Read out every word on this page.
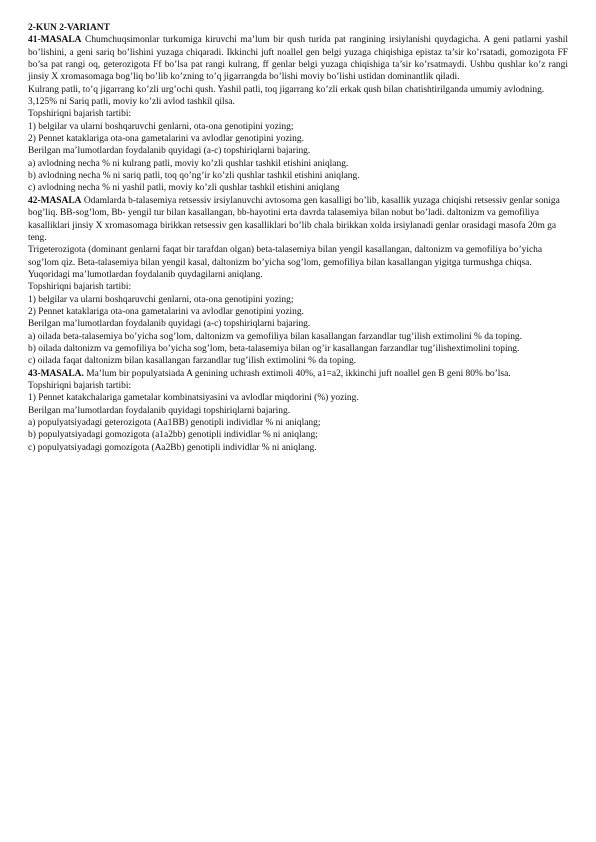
2-KUN 2-VARIANT

41-MASALA Chumchuqsimonlar turkumiga kiruvchi ma’lum bir qush turida pat rangining irsiylanishi quydagicha. A geni patlarni yashil bo’lishini, a geni sariq bo’lishini yuzaga chiqaradi. Ikkinchi juft noallel gen belgi yuzaga chiqishiga epistaz ta’sir ko’rsatadi, gomozigota FF bo’sa pat rangi oq, geterozigota Ff bo’lsa pat rangi kulrang, ff genlar belgi yuzaga chiqishiga ta’sir ko’rsatmaydi. Ushbu qushlar ko’z rangi jinsiy X xromasomaga bog’liq bo’lib ko’zning to’q jigarrangda bo’lishi moviy bo’lishi ustidan dominantlik qiladi.

Kulrang patli, to’q jigarrang ko’zli urg’ochi qush. Yashil patli, toq jigarrang ko’zli erkak qush bilan chatishtirilganda umumiy avlodning. 3,125% ni Sariq patli, moviy ko’zli avlod tashkil qilsa.

Topshiriqni bajarish tartibi:

1) belgilar va ularni boshqaruvchi genlarni, ota-ona genotipini yozing;

2) Pennet kataklariga ota-ona gametalarini va avlodlar genotipini yozing.

Berilgan ma’lumotlardan foydalanib quyidagi (a-c) topshiriqlarni bajaring.

a) avlodning necha % ni kulrang patli, moviy ko’zli qushlar tashkil etishini aniqlang.

b) avlodning necha % ni sariq patli, toq qo’ng’ir ko’zli qushlar tashkil etishini aniqlang.

c) avlodning necha % ni yashil patli, moviy ko’zli qushlar tashkil etishini aniqlang

42-MASALA Odamlarda b-talasemiya retsessiv irsiylanuvchi avtosoma gen kasalligi bo’lib, kasallik yuzaga chiqishi retsessiv genlar soniga bog’liq. BB-sog’lom, Bb- yengil tur bilan kasallangan, bb-hayotini erta davrda talasemiya bilan nobut bo’ladi. daltonizm va gemofiliya kasalliklari jinsiy X xromasomaga birikkan retsessiv gen kasalliklari bo’lib chala birikkan xolda irsiylanadi genlar orasidagi masofa 20m ga teng.

Trigeterozigota (dominant genlarni faqat bir tarafdan olgan) beta-talasemiya bilan yengil kasallangan, daltonizm va gemofiliya bo’yicha sog’lom qiz. Beta-talasemiya bilan yengil kasal, daltonizm bo’yicha sog’lom, gemofiliya bilan kasallangan yigitga turmushga chiqsa.

Yuqoridagi ma’lumotlardan foydalanib quydagilarni aniqlang.

Topshiriqni bajarish tartibi:

1) belgilar va ularni boshqaruvchi genlarni, ota-ona genotipini yozing;

2) Pennet kataklariga ota-ona gametalarini va avlodlar genotipini yozing.

Berilgan ma’lumotlardan foydalanib quyidagi (a-c) topshiriqlarni bajaring.

a) oilada beta-talasemiya bo’yicha sog’lom, daltonizm va gemofiliya bilan kasallangan farzandlar tug’ilish extimolini % da toping.

b) oilada daltonizm va gemofiliya bo’yicha sog’lom, beta-talasemiya bilan og’ir kasallangan farzandlar tug’ilishextimolini toping.

c) oilada faqat daltonizm bilan kasallangan farzandlar tug’ilish extimolini % da toping.

43-MASALA. Ma’lum bir populyatsiada A genining uchrash extimoli 40%, a1=a2, ikkinchi juft noallel gen B geni 80% bo’lsa.

Topshiriqni bajarish tartibi:

1) Pennet katakchalariga gametalar kombinatsiyasini va avlodlar miqdorini (%) yozing.

Berilgan ma’lumotlardan foydalanib quyidagi topshiriqlarni bajaring.

a) populyatsiyadagi geterozigota (Aa1BB) genotipli individlar % ni aniqlang;

b) populyatsiyadagi gomozigota (a1a2bb) genotipli individlar % ni aniqlang;

c) populyatsiyadagi gomozigota (Aa2Bb) genotipli individlar % ni aniqlang.
